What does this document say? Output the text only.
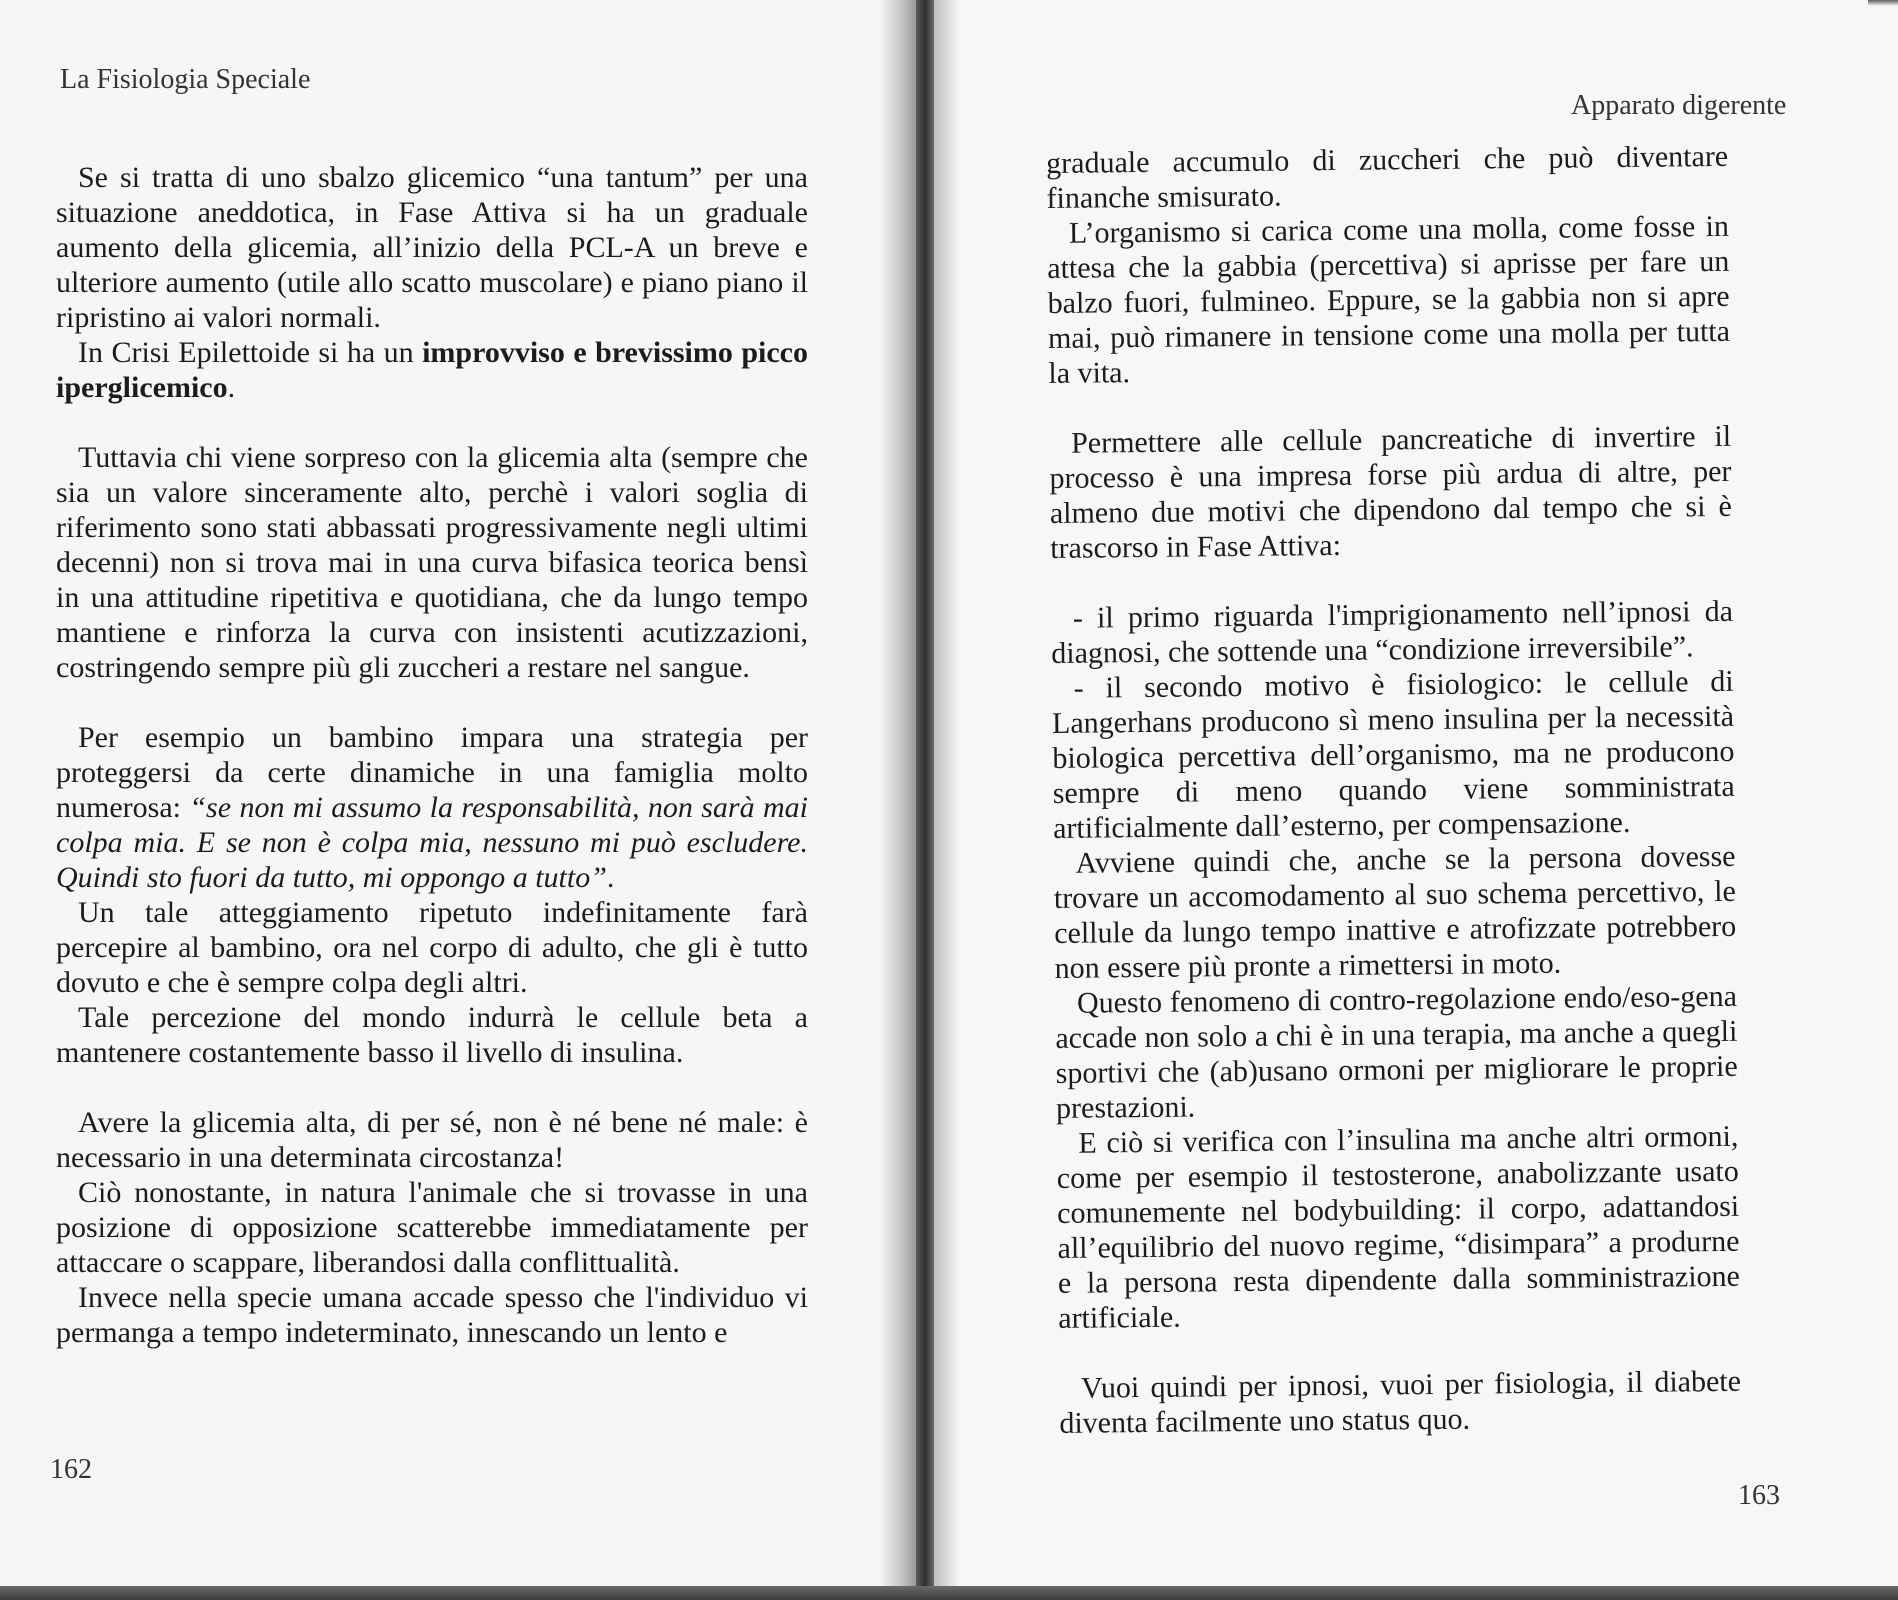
La Fisiologia Speciale

Se si tratta di uno sbalzo glicemico “una tantum” per una situazione aneddotica, in Fase Attiva si ha un graduale aumento della glicemia, all’inizio della PCL-A un breve e ulteriore aumento (utile allo scatto muscolare) e piano piano il ripristino ai valori normali.

In Crisi Epilettoide si ha un improvviso e brevissimo picco iperglicemico.

Tuttavia chi viene sorpreso con la glicemia alta (sempre che sia un valore sinceramente alto, perchè i valori soglia di riferimento sono stati abbassati progressivamente negli ultimi decenni) non si trova mai in una curva bifasica teorica bensì in una attitudine ripetitiva e quotidiana, che da lungo tempo mantiene e rinforza la curva con insistenti acutizzazioni, costringendo sempre più gli zuccheri a restare nel sangue.

Per esempio un bambino impara una strategia per proteggersi da certe dinamiche in una famiglia molto numerosa: “se non mi assumo la responsabilità, non sarà mai colpa mia. E se non è colpa mia, nessuno mi può escludere. Quindi sto fuori da tutto, mi oppongo a tutto”.

Un tale atteggiamento ripetuto indefinitamente farà percepire al bambino, ora nel corpo di adulto, che gli è tutto dovuto e che è sempre colpa degli altri.

Tale percezione del mondo indurrà le cellule beta a mantenere costantemente basso il livello di insulina.

Avere la glicemia alta, di per sé, non è né bene né male: è necessario in una determinata circostanza!

Ciò nonostante, in natura l'animale che si trovasse in una posizione di opposizione scatterebbe immediatamente per attaccare o scappare, liberandosi dalla conflittualità.

Invece nella specie umana accade spesso che l'individuo vi permanga a tempo indeterminato, innescando un lento e

162
Apparato digerente

graduale accumulo di zuccheri che può diventare finanche smisurato.

L’organismo si carica come una molla, come fosse in attesa che la gabbia (percettiva) si aprisse per fare un balzo fuori, fulmineo. Eppure, se la gabbia non si apre mai, può rimanere in tensione come una molla per tutta la vita.

Permettere alle cellule pancreatiche di invertire il processo è una impresa forse più ardua di altre, per almeno due motivi che dipendono dal tempo che si è trascorso in Fase Attiva:

- il primo riguarda l'imprigionamento nell’ipnosi da diagnosi, che sottende una “condizione irreversibile”.

- il secondo motivo è fisiologico: le cellule di Langerhans producono sì meno insulina per la necessità biologica percettiva dell’organismo, ma ne producono sempre di meno quando viene somministrata artificialmente dall’esterno, per compensazione.

Avviene quindi che, anche se la persona dovesse trovare un accomodamento al suo schema percettivo, le cellule da lungo tempo inattive e atrofizzate potrebbero non essere più pronte a rimettersi in moto.

Questo fenomeno di contro-regolazione endo/eso-gena accade non solo a chi è in una terapia, ma anche a quegli sportivi che (ab)usano ormoni per migliorare le proprie prestazioni.

E ciò si verifica con l’insulina ma anche altri ormoni, come per esempio il testosterone, anabolizzante usato comunemente nel bodybuilding: il corpo, adattandosi all’equilibrio del nuovo regime, “disimpara” a produrne e la persona resta dipendente dalla somministrazione artificiale.

Vuoi quindi per ipnosi, vuoi per fisiologia, il diabete diventa facilmente uno status quo.

163
